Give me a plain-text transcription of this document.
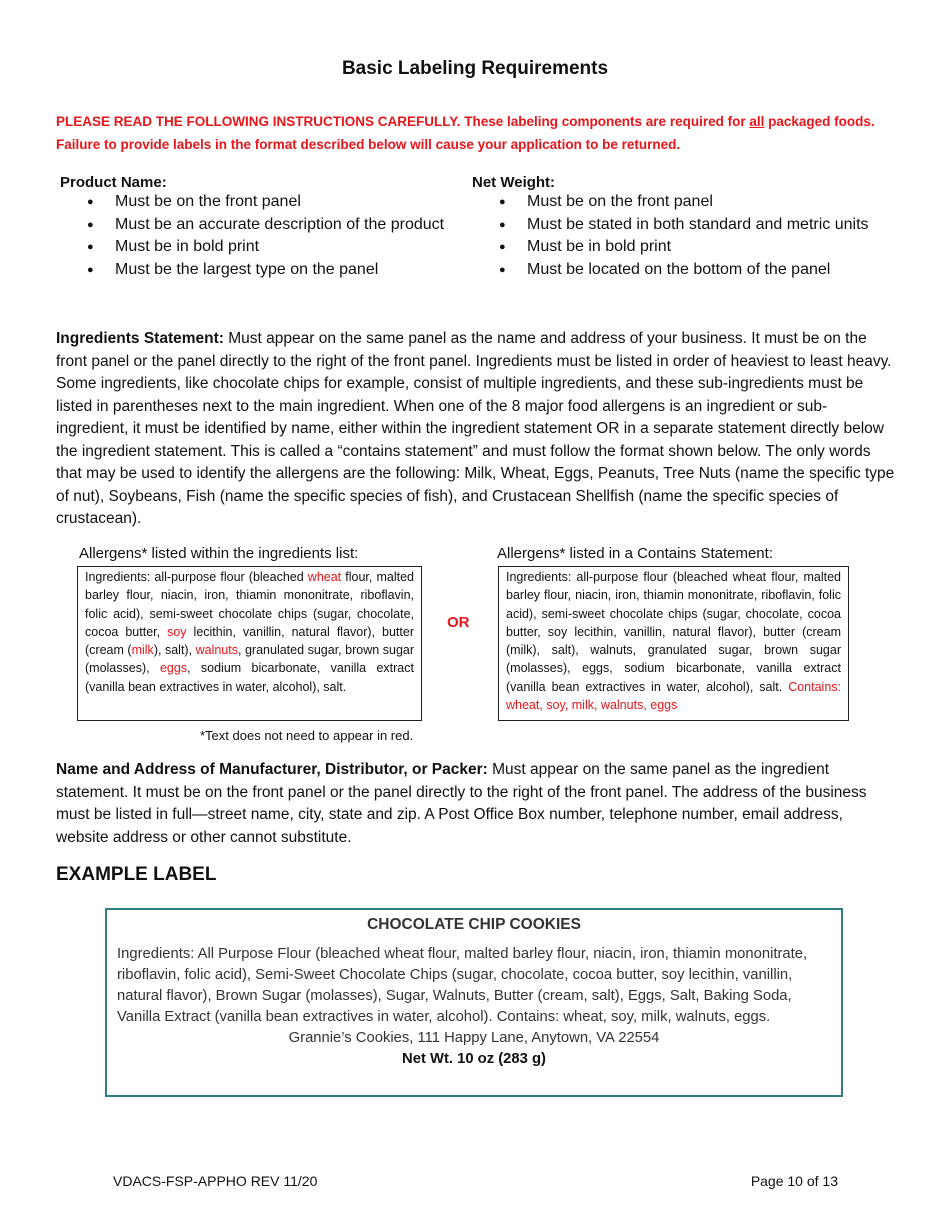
Basic Labeling Requirements
PLEASE READ THE FOLLOWING INSTRUCTIONS CAREFULLY. These labeling components are required for all packaged foods. Failure to provide labels in the format described below will cause your application to be returned.
Product Name:
● Must be on the front panel
● Must be an accurate description of the product
● Must be in bold print
● Must be the largest type on the panel
Net Weight:
● Must be on the front panel
● Must be stated in both standard and metric units
● Must be in bold print
● Must be located on the bottom of the panel
Ingredients Statement: Must appear on the same panel as the name and address of your business. It must be on the front panel or the panel directly to the right of the front panel. Ingredients must be listed in order of heaviest to least heavy. Some ingredients, like chocolate chips for example, consist of multiple ingredients, and these sub-ingredients must be listed in parentheses next to the main ingredient. When one of the 8 major food allergens is an ingredient or sub-ingredient, it must be identified by name, either within the ingredient statement OR in a separate statement directly below the ingredient statement. This is called a “contains statement” and must follow the format shown below. The only words that may be used to identify the allergens are the following: Milk, Wheat, Eggs, Peanuts, Tree Nuts (name the specific type of nut), Soybeans, Fish (name the specific species of fish), and Crustacean Shellfish (name the specific species of crustacean).
Allergens* listed within the ingredients list:
Ingredients: all-purpose flour (bleached wheat flour, malted barley flour, niacin, iron, thiamin mononitrate, riboflavin, folic acid), semi-sweet chocolate chips (sugar, chocolate, cocoa butter, soy lecithin, vanillin, natural flavor), butter (cream (milk), salt), walnuts, granulated sugar, brown sugar (molasses), eggs, sodium bicarbonate, vanilla extract (vanilla bean extractives in water, alcohol), salt.
OR
Allergens* listed in a Contains Statement:
Ingredients: all-purpose flour (bleached wheat flour, malted barley flour, niacin, iron, thiamin mononitrate, riboflavin, folic acid), semi-sweet chocolate chips (sugar, chocolate, cocoa butter, soy lecithin, vanillin, natural flavor), butter (cream (milk), salt), walnuts, granulated sugar, brown sugar (molasses), eggs, sodium bicarbonate, vanilla extract (vanilla bean extractives in water, alcohol), salt. Contains: wheat, soy, milk, walnuts, eggs
*Text does not need to appear in red.
Name and Address of Manufacturer, Distributor, or Packer: Must appear on the same panel as the ingredient statement. It must be on the front panel or the panel directly to the right of the front panel. The address of the business must be listed in full—street name, city, state and zip. A Post Office Box number, telephone number, email address, website address or other cannot substitute.
EXAMPLE LABEL
CHOCOLATE CHIP COOKIES
Ingredients: All Purpose Flour (bleached wheat flour, malted barley flour, niacin, iron, thiamin mononitrate, riboflavin, folic acid), Semi-Sweet Chocolate Chips (sugar, chocolate, cocoa butter, soy lecithin, vanillin, natural flavor), Brown Sugar (molasses), Sugar, Walnuts, Butter (cream, salt), Eggs, Salt, Baking Soda, Vanilla Extract (vanilla bean extractives in water, alcohol). Contains: wheat, soy, milk, walnuts, eggs.
Grannie’s Cookies, 111 Happy Lane, Anytown, VA 22554
Net Wt. 10 oz (283 g)
VDACS-FSP-APPHO REV 11/20	Page 10 of 13
